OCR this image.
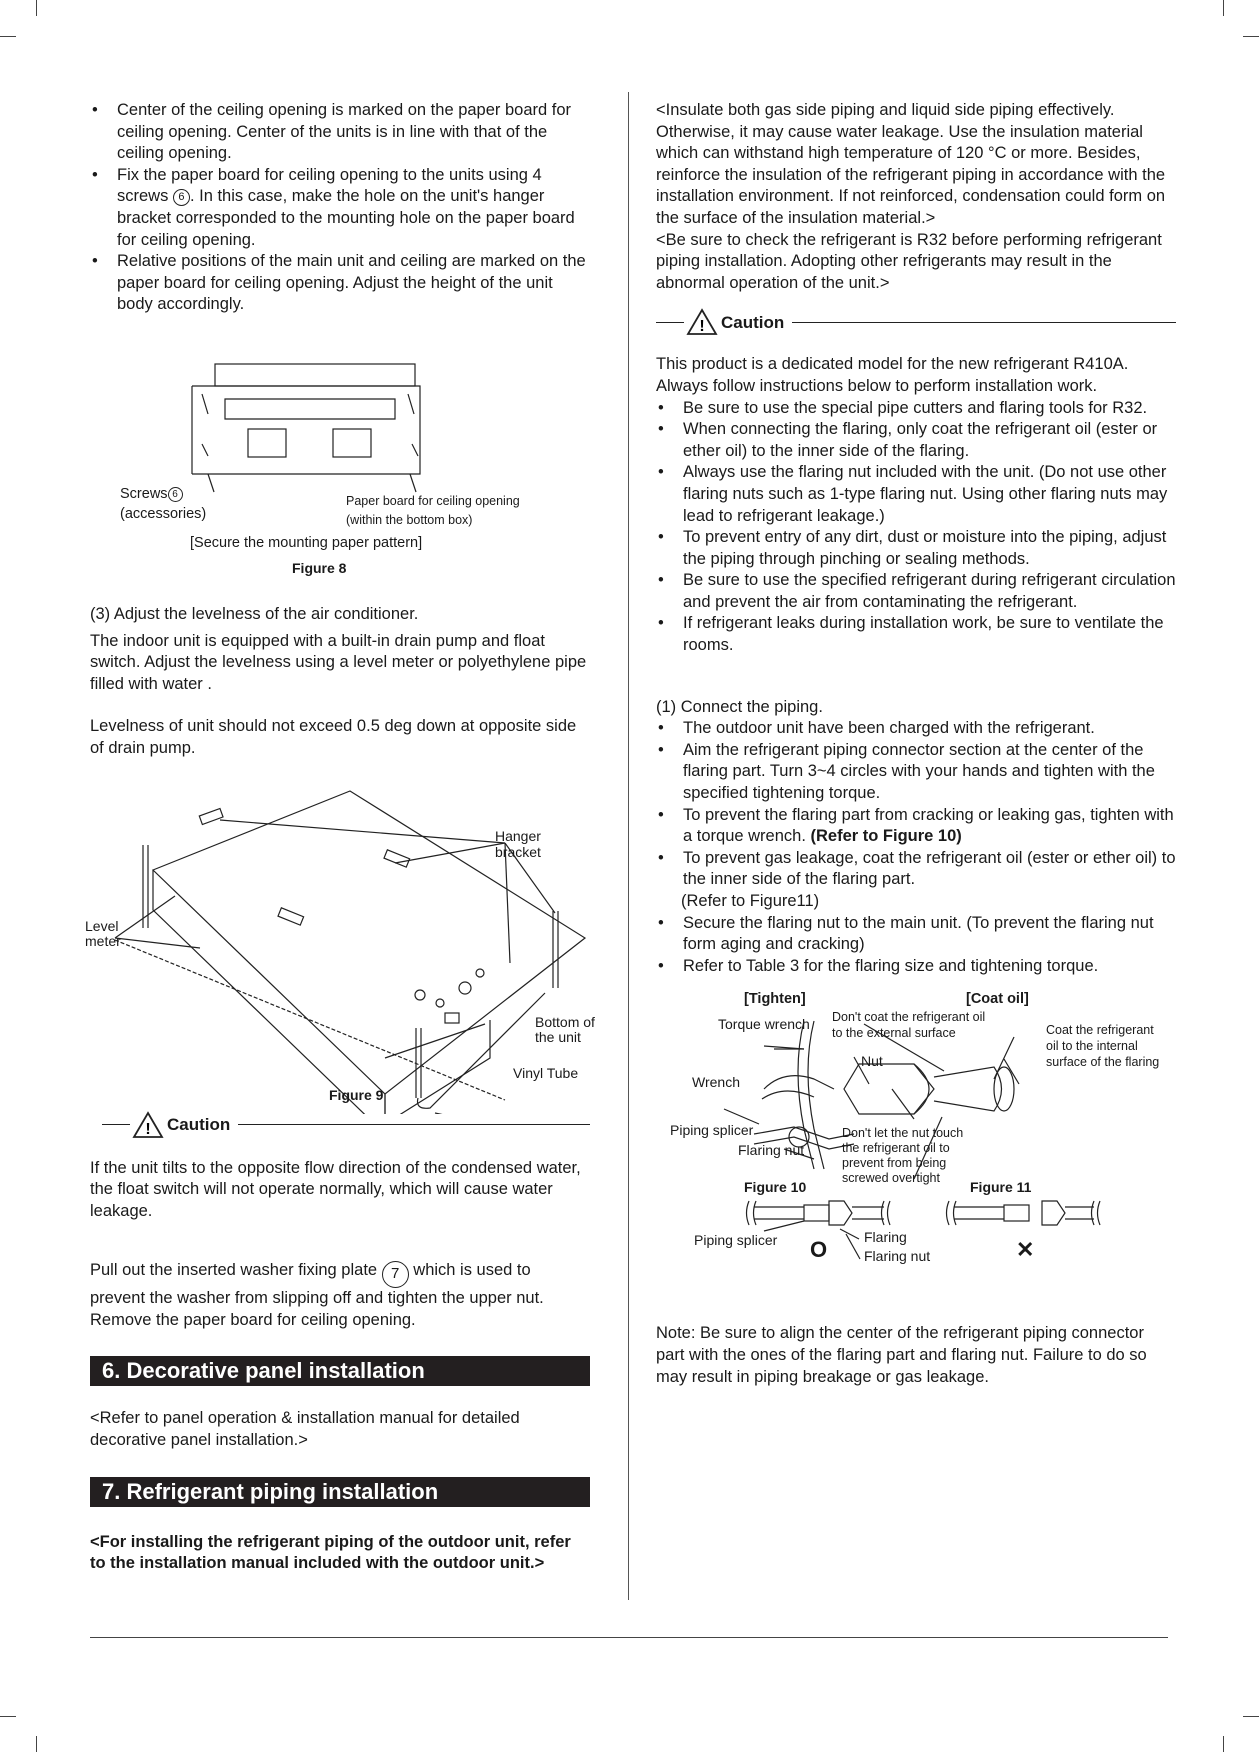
• Center of the ceiling opening is marked on the paper board for ceiling opening. Center of the units is in line with that of the ceiling opening.
• Fix the paper board for ceiling opening to the units using 4 screws 6 . In this case, make the hole on the unit's hanger bracket corresponded to the mounting hole on the paper board for ceiling opening.
• Relative positions of the main unit and ceiling are marked on the paper board for ceiling opening. Adjust the height of the unit body accordingly.
Screws 6
(accessories)
Paper board for ceiling opening
(within the bottom box)
[Secure the mounting paper pattern]
Figure 8

(3) Adjust the levelness of the air conditioner.

The indoor unit is equipped with a built-in drain pump and float switch. Adjust the levelness using a level meter or polyethylene pipe filled with water .

Levelness of unit should not exceed 0.5 deg down at opposite side of drain pump.

Hanger
bracket
Level
meter
Bottom of
the unit
Vinyl Tube
Figure 9
! Caution

If the unit tilts to the opposite flow direction of the condensed water, the float switch will not operate normally, which will cause water leakage.

Pull out the inserted washer fixing plate 7 which is used to prevent the washer from slipping off and tighten the upper nut. Remove the paper board for ceiling opening.

6. Decorative panel installation

<Refer to panel operation & installation manual for detailed decorative panel installation.>

7. Refrigerant piping installation

<For installing the refrigerant piping of the outdoor unit, refer to the installation manual included with the outdoor unit.>

<Insulate both gas side piping and liquid side piping effectively. Otherwise, it may cause water leakage. Use the insulation material which can withstand high temperature of 120 °C or more. Besides, reinforce the insulation of the refrigerant piping in accordance with the installation environment. If not reinforced, condensation could form on the surface of the insulation material.>

<Be sure to check the refrigerant is R32 before performing refrigerant piping installation. Adopting other refrigerants may result in the abnormal operation of the unit.>

! Caution

This product is a dedicated model for the new refrigerant R410A. Always follow instructions below to perform installation work.

• Be sure to use the special pipe cutters and flaring tools for R32.
• When connecting the flaring, only coat the refrigerant oil (ester or ether oil) to the inner side of the flaring.
• Always use the flaring nut included with the unit. (Do not use other flaring nuts such as 1-type flaring nut. Using other flaring nuts may lead to refrigerant leakage.)
• To prevent entry of any dirt, dust or moisture into the piping, adjust the piping through pinching or sealing methods.
• Be sure to use the specified refrigerant during refrigerant circulation and prevent the air from contaminating the refrigerant.
• If refrigerant leaks during installation work, be sure to ventilate the rooms.

(1) Connect the piping.

• The outdoor unit have been charged with the refrigerant.
• Aim the refrigerant piping connector section at the center of the flaring part. Turn 3~4 circles with your hands and tighten with the specified tightening torque.
• To prevent the flaring part from cracking or leaking gas, tighten with a torque wrench. (Refer to Figure 10)
• To prevent gas leakage, coat the refrigerant oil (ester or ether oil) to the inner side of the flaring part.
(Refer to Figure11)
• Secure the flaring nut to the main unit. (To prevent the flaring nut form aging and cracking)
• Refer to Table 3 for the flaring size and tightening torque.
[Tighten]	[Coat oil]
Torque wrench Don't coat the refrigerant oil
to the external surface	Coat the refrigerant
oil to the internal
surface of the flaring
Nut
Wrench
Piping splicer
Flaring nut
Don't let the nut touch
the refrigerant oil to
prevent from being
screwed overtight
Figure 10	Figure 11
Piping splicer	Flaring
Flaring nut
O	✕

Note: Be sure to align the center of the refrigerant piping connector part with the ones of the flaring part and flaring nut. Failure to do so may result in piping breakage or gas leakage.
